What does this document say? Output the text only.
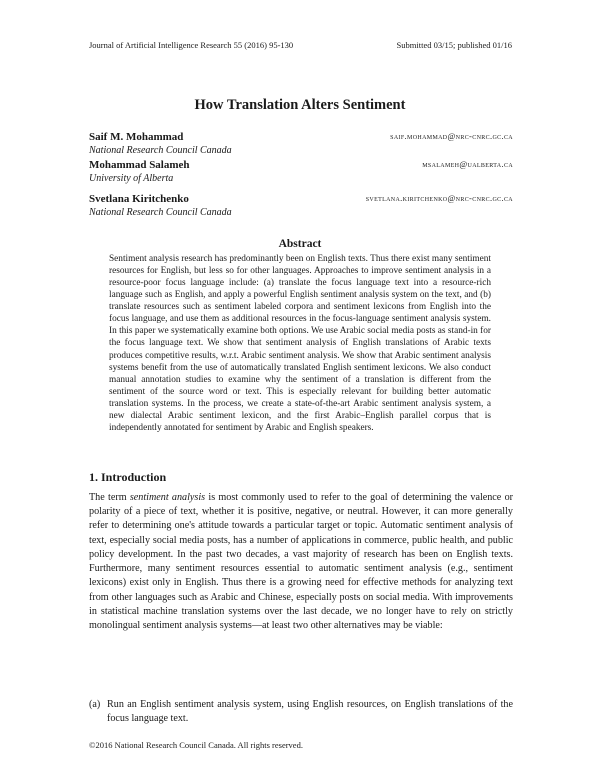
Journal of Artificial Intelligence Research 55 (2016) 95-130	Submitted 03/15; published 01/16
How Translation Alters Sentiment
Saif M. Mohammad	saif.mohammad@nrc-cnrc.gc.ca
National Research Council Canada
Mohammad Salameh	msalameh@ualberta.ca
University of Alberta
Svetlana Kiritchenko	svetlana.kiritchenko@nrc-cnrc.gc.ca
National Research Council Canada
Abstract

Sentiment analysis research has predominantly been on English texts. Thus there exist many sentiment resources for English, but less so for other languages. Approaches to improve sentiment analysis in a resource-poor focus language include: (a) translate the focus language text into a resource-rich language such as English, and apply a powerful English sentiment analysis system on the text, and (b) translate resources such as sentiment labeled corpora and sentiment lexicons from English into the focus language, and use them as additional resources in the focus-language sentiment analysis system. In this paper we systematically examine both options. We use Arabic social media posts as stand-in for the focus language text. We show that sentiment analysis of English translations of Arabic texts produces competitive results, w.r.t. Arabic sentiment analysis. We show that Arabic sentiment analysis systems benefit from the use of automatically translated English sentiment lexicons. We also conduct manual annotation studies to examine why the sentiment of a translation is different from the sentiment of the source word or text. This is especially relevant for building better automatic translation systems. In the process, we create a state-of-the-art Arabic sentiment analysis system, a new dialectal Arabic sentiment lexicon, and the first Arabic–English parallel corpus that is independently annotated for sentiment by Arabic and English speakers.

1. Introduction

The term sentiment analysis is most commonly used to refer to the goal of determining the valence or polarity of a piece of text, whether it is positive, negative, or neutral. However, it can more generally refer to determining one's attitude towards a particular target or topic. Automatic sentiment analysis of text, especially social media posts, has a number of applications in commerce, public health, and public policy development. In the past two decades, a vast majority of research has been on English texts. Furthermore, many sentiment resources essential to automatic sentiment analysis (e.g., sentiment lexicons) exist only in English. Thus there is a growing need for effective methods for analyzing text from other languages such as Arabic and Chinese, especially posts on social media. With improvements in statistical machine translation systems over the last decade, we no longer have to rely on strictly monolingual sentiment analysis systems—at least two other alternatives may be viable:

(a) Run an English sentiment analysis system, using English resources, on English translations of the focus language text.
©2016 National Research Council Canada. All rights reserved.
